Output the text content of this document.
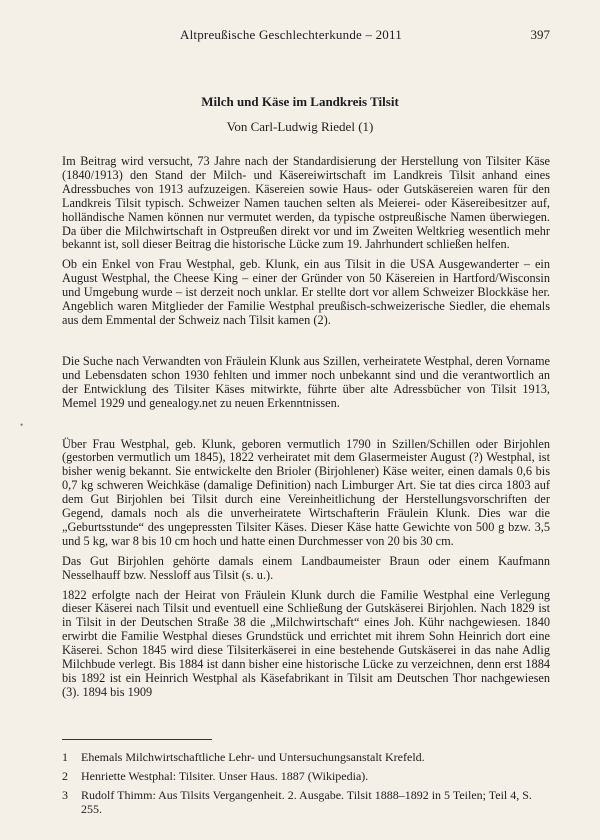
Altpreußische Geschlechterkunde – 2011	397
Milch und Käse im Landkreis Tilsit
Von Carl-Ludwig Riedel (1)

Im Beitrag wird versucht, 73 Jahre nach der Standardisierung der Herstellung von Tilsiter Käse (1840/1913) den Stand der Milch- und Käsereiwirtschaft im Landkreis Tilsit anhand eines Adressbuches von 1913 aufzuzeigen. Käsereien sowie Haus- oder Gutskäsereien waren für den Landkreis Tilsit typisch. Schweizer Namen tauchen selten als Meierei- oder Käsereibesitzer auf, holländische Namen können nur vermutet werden, da typische ostpreußische Namen überwiegen. Da über die Milchwirtschaft in Ostpreußen direkt vor und im Zweiten Weltkrieg wesentlich mehr bekannt ist, soll dieser Beitrag die historische Lücke zum 19. Jahrhundert schließen helfen.

Ob ein Enkel von Frau Westphal, geb. Klunk, ein aus Tilsit in die USA Ausgewanderter – ein August Westphal, the Cheese King – einer der Gründer von 50 Käsereien in Hartford/Wisconsin und Umgebung wurde – ist derzeit noch unklar. Er stellte dort vor allem Schweizer Blockkäse her. Angeblich waren Mitglieder der Familie Westphal preußisch-schweizerische Siedler, die ehemals aus dem Emmental der Schweiz nach Tilsit kamen (2).

Die Suche nach Verwandten von Fräulein Klunk aus Szillen, verheiratete Westphal, deren Vorname und Lebensdaten schon 1930 fehlten und immer noch unbekannt sind und die verantwortlich an der Entwicklung des Tilsiter Käses mitwirkte, führte über alte Adressbücher von Tilsit 1913, Memel 1929 und genealogy.net zu neuen Erkenntnissen.

Über Frau Westphal, geb. Klunk, geboren vermutlich 1790 in Szillen/Schillen oder Birjohlen (gestorben vermutlich um 1845), 1822 verheiratet mit dem Glasermeister August (?) Westphal, ist bisher wenig bekannt. Sie entwickelte den Brioler (Birjohlener) Käse weiter, einen damals 0,6 bis 0,7 kg schweren Weichkäse (damalige Definition) nach Limburger Art. Sie tat dies circa 1803 auf dem Gut Birjohlen bei Tilsit durch eine Vereinheitlichung der Herstellungsvorschriften der Gegend, damals noch als die unverheiratete Wirtschafterin Fräulein Klunk. Dies war die „Geburtsstunde“ des ungepressten Tilsiter Käses. Dieser Käse hatte Gewichte von 500 g bzw. 3,5 und 5 kg, war 8 bis 10 cm hoch und hatte einen Durchmesser von 20 bis 30 cm.

Das Gut Birjohlen gehörte damals einem Landbaumeister Braun oder einem Kaufmann Nesselhauff bzw. Nessloff aus Tilsit (s. u.).

1822 erfolgte nach der Heirat von Fräulein Klunk durch die Familie Westphal eine Verlegung dieser Käserei nach Tilsit und eventuell eine Schließung der Gutskäserei Birjohlen. Nach 1829 ist in Tilsit in der Deutschen Straße 38 die „Milchwirtschaft“ eines Joh. Kühr nachgewiesen. 1840 erwirbt die Familie Westphal dieses Grundstück und errichtet mit ihrem Sohn Heinrich dort eine Käserei. Schon 1845 wird diese Tilsiterkäserei in eine bestehende Gutskäserei in das nahe Adlig Milchbude verlegt. Bis 1884 ist dann bisher eine historische Lücke zu verzeichnen, denn erst 1884 bis 1892 ist ein Heinrich Westphal als Käsefabrikant in Tilsit am Deutschen Thor nachgewiesen (3). 1894 bis 1909

•
1	Ehemals Milchwirtschaftliche Lehr- und Untersuchungsanstalt Krefeld.
2	Henriette Westphal: Tilsiter. Unser Haus. 1887 (Wikipedia).
3	Rudolf Thimm: Aus Tilsits Vergangenheit. 2. Ausgabe. Tilsit 1888–1892 in 5 Teilen; Teil 4, S. 255.
